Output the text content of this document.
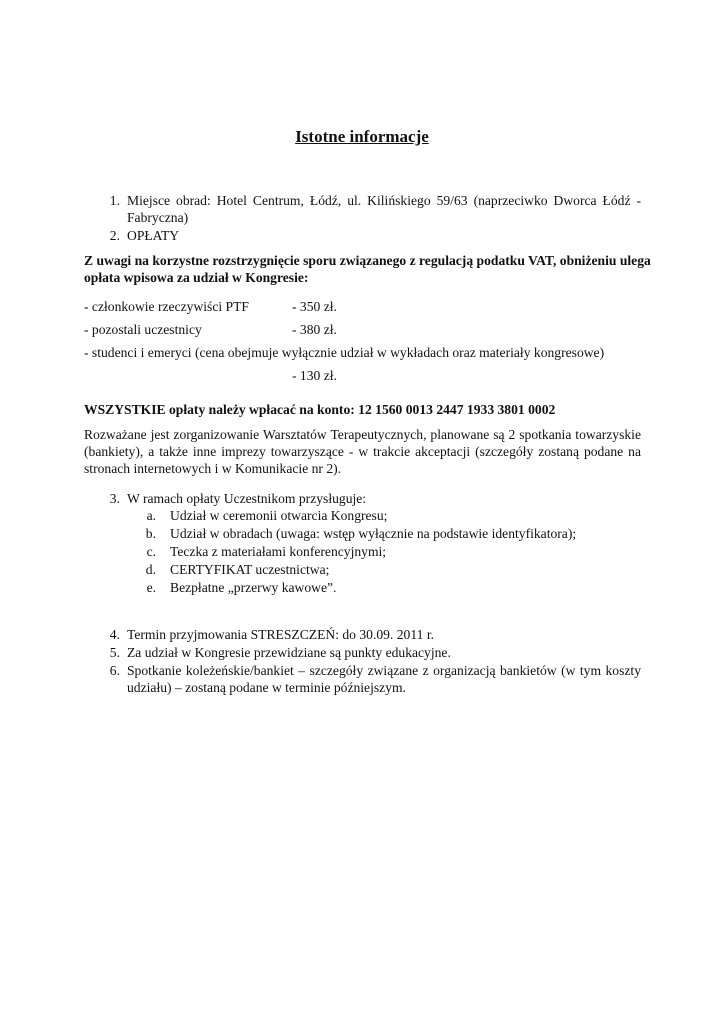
Istotne informacje
1. Miejsce obrad: Hotel Centrum, Łódź, ul. Kilińskiego 59/63 (naprzeciwko Dworca Łódź -
Fabryczna)
2. OPŁATY
Z uwagi na korzystne rozstrzygnięcie sporu związanego z regulacją podatku VAT, obniżeniu ulega
opłata wpisowa za udział w Kongresie:
- członkowie rzeczywiści PTF	- 350 zł.
- pozostali uczestnicy	- 380 zł.
- studenci i emeryci (cena obejmuje wyłącznie udział w wykładach oraz materiały kongresowe)
- 130 zł.
WSZYSTKIE opłaty należy wpłacać na konto: 12 1560 0013 2447 1933 3801 0002
Rozważane jest zorganizowanie Warsztatów Terapeutycznych, planowane są 2 spotkania towarzyskie
(bankiety), a także inne imprezy towarzyszące - w trakcie akceptacji (szczegóły zostaną podane na
stronach internetowych i w Komunikacie nr 2).
3. W ramach opłaty Uczestnikom przysługuje:
a. Udział w ceremonii otwarcia Kongresu;
b. Udział w obradach (uwaga: wstęp wyłącznie na podstawie identyfikatora);
c. Teczka z materiałami konferencyjnymi;
d. CERTYFIKAT uczestnictwa;
e. Bezpłatne „przerwy kawowe”.
4. Termin przyjmowania STRESZCZEŃ: do 30.09. 2011 r.
5. Za udział w Kongresie przewidziane są punkty edukacyjne.
6. Spotkanie koleżeńskie/bankiet – szczegóły związane z organizacją bankietów (w tym koszty
udziału) – zostaną podane w terminie późniejszym.
